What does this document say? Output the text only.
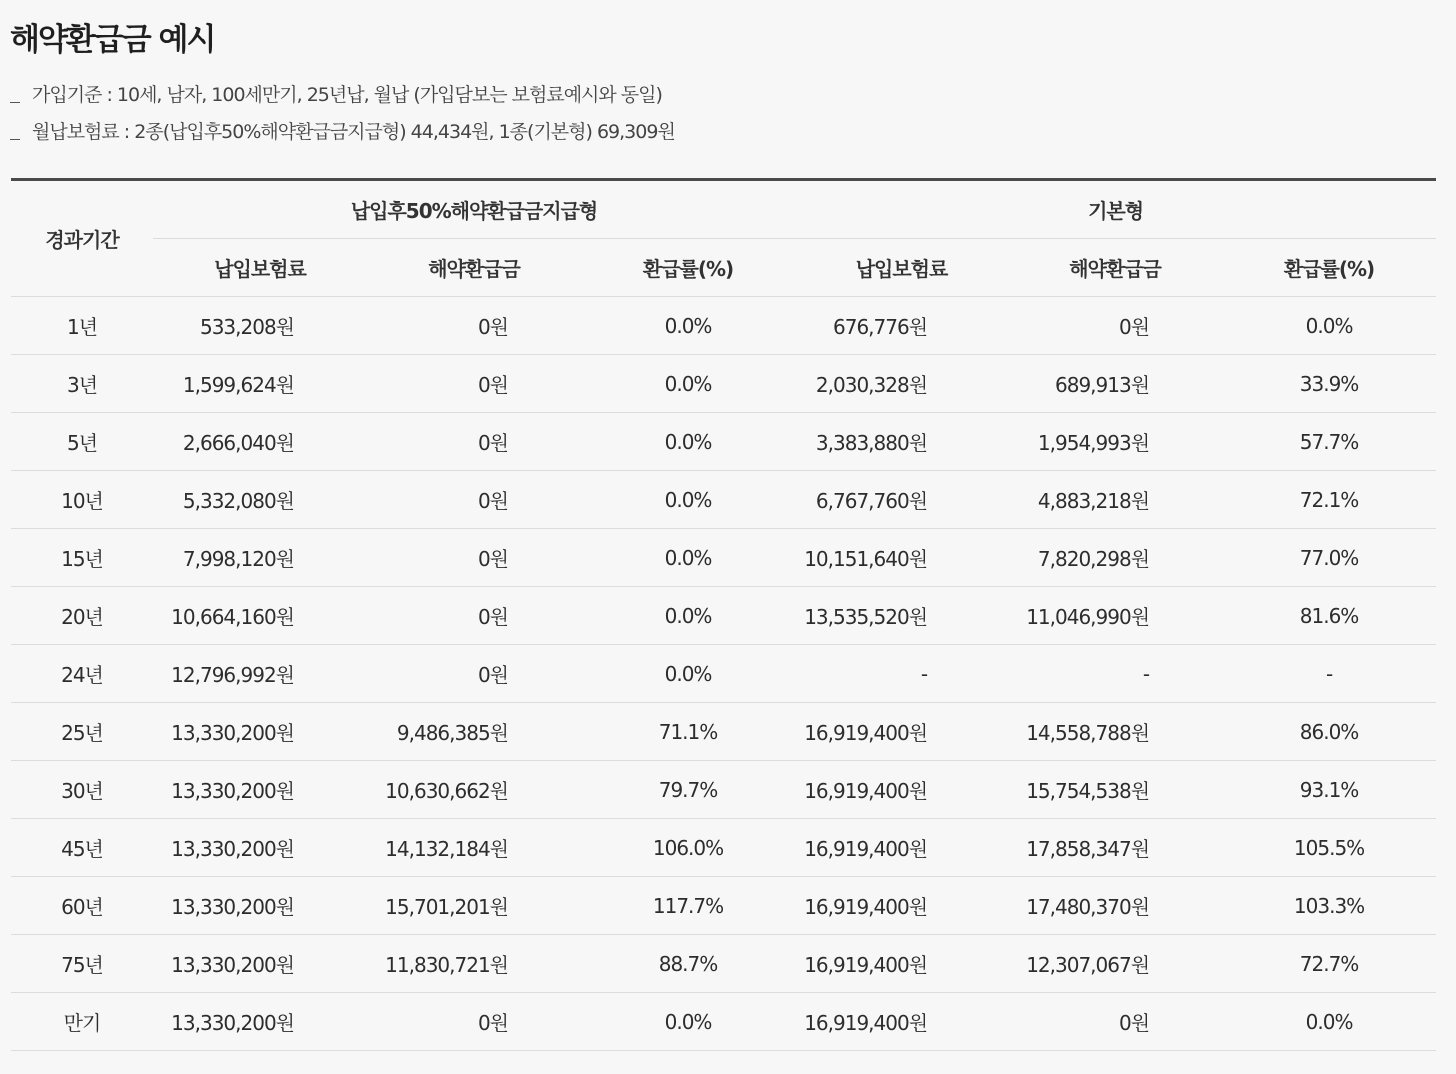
해약환급금 예시
가입기준 : 10세, 남자, 100세만기, 25년납, 월납 (가입담보는 보험료예시와 동일)
월납보험료 : 2종(납입후50%해약환급금지급형) 44,434원, 1종(기본형) 69,309원
경과기간	납입후50%해약환급금지급형			기본형		
	납입보험료	해약환급금	환급률(%)	납입보험료	해약환급금	환급률(%)
1년	533,208원	0원	0.0%	676,776원	0원	0.0%
3년	1,599,624원	0원	0.0%	2,030,328원	689,913원	33.9%
5년	2,666,040원	0원	0.0%	3,383,880원	1,954,993원	57.7%
10년	5,332,080원	0원	0.0%	6,767,760원	4,883,218원	72.1%
15년	7,998,120원	0원	0.0%	10,151,640원	7,820,298원	77.0%
20년	10,664,160원	0원	0.0%	13,535,520원	11,046,990원	81.6%
24년	12,796,992원	0원	0.0%	-	-	-
25년	13,330,200원	9,486,385원	71.1%	16,919,400원	14,558,788원	86.0%
30년	13,330,200원	10,630,662원	79.7%	16,919,400원	15,754,538원	93.1%
45년	13,330,200원	14,132,184원	106.0%	16,919,400원	17,858,347원	105.5%
60년	13,330,200원	15,701,201원	117.7%	16,919,400원	17,480,370원	103.3%
75년	13,330,200원	11,830,721원	88.7%	16,919,400원	12,307,067원	72.7%
만기	13,330,200원	0원	0.0%	16,919,400원	0원	0.0%
